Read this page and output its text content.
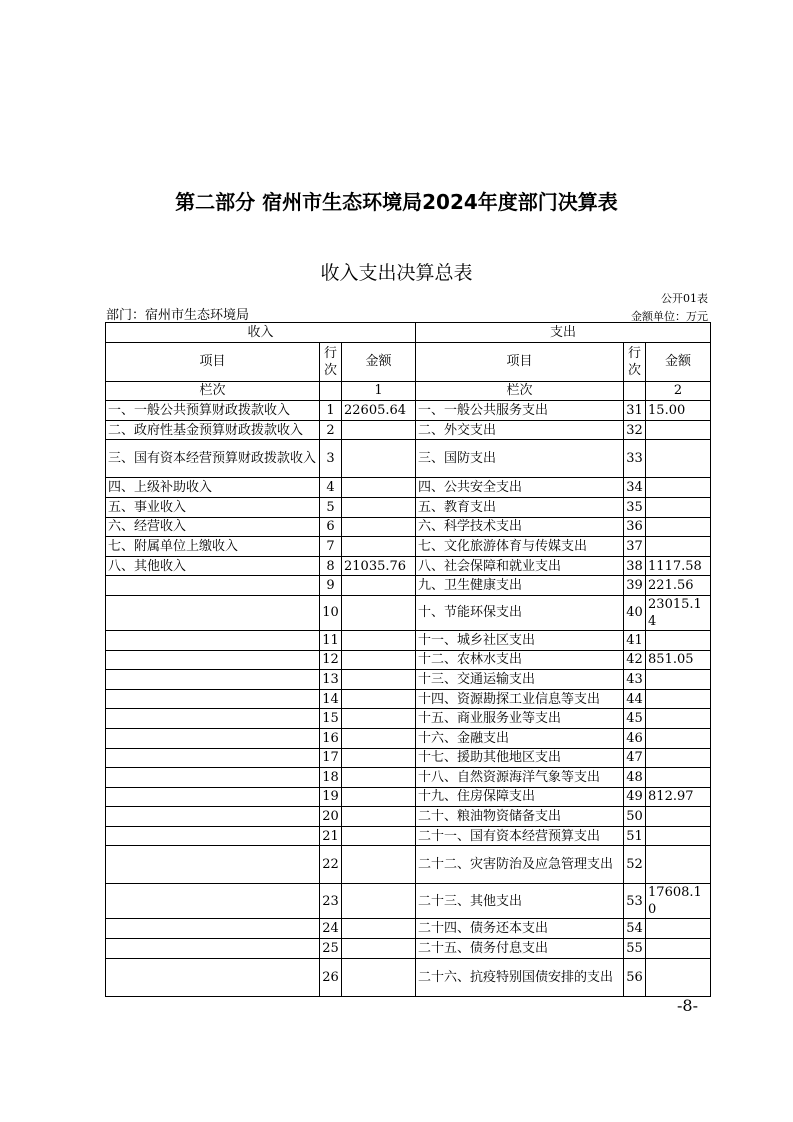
第二部分 宿州市生态环境局2024年度部门决算表
收入支出决算总表
公开01表
部门：宿州市生态环境局	金额单位：万元
收入			支出		
项目	行次	金额	项目	行次	金额
栏次		1	栏次		2
一、一般公共预算财政拨款收入	1	22605.64	一、一般公共服务支出	31	15.00
二、政府性基金预算财政拨款收入	2		二、外交支出	32	
三、国有资本经营预算财政拨款收入	3		三、国防支出	33	
四、上级补助收入	4		四、公共安全支出	34	
五、事业收入	5		五、教育支出	35	
六、经营收入	6		六、科学技术支出	36	
七、附属单位上缴收入	7		七、文化旅游体育与传媒支出	37	
八、其他收入	8	21035.76	八、社会保障和就业支出	38	1117.58
	9		九、卫生健康支出	39	221.56
	10		十、节能环保支出	40	23015.14
	11		十一、城乡社区支出	41	
	12		十二、农林水支出	42	851.05
	13		十三、交通运输支出	43	
	14		十四、资源勘探工业信息等支出	44	
	15		十五、商业服务业等支出	45	
	16		十六、金融支出	46	
	17		十七、援助其他地区支出	47	
	18		十八、自然资源海洋气象等支出	48	
	19		十九、住房保障支出	49	812.97
	20		二十、粮油物资储备支出	50	
	21		二十一、国有资本经营预算支出	51	
	22		二十二、灾害防治及应急管理支出	52	
	23		二十三、其他支出	53	17608.10
	24		二十四、债务还本支出	54	
	25		二十五、债务付息支出	55	
	26		二十六、抗疫特别国债安排的支出	56	
-8-
